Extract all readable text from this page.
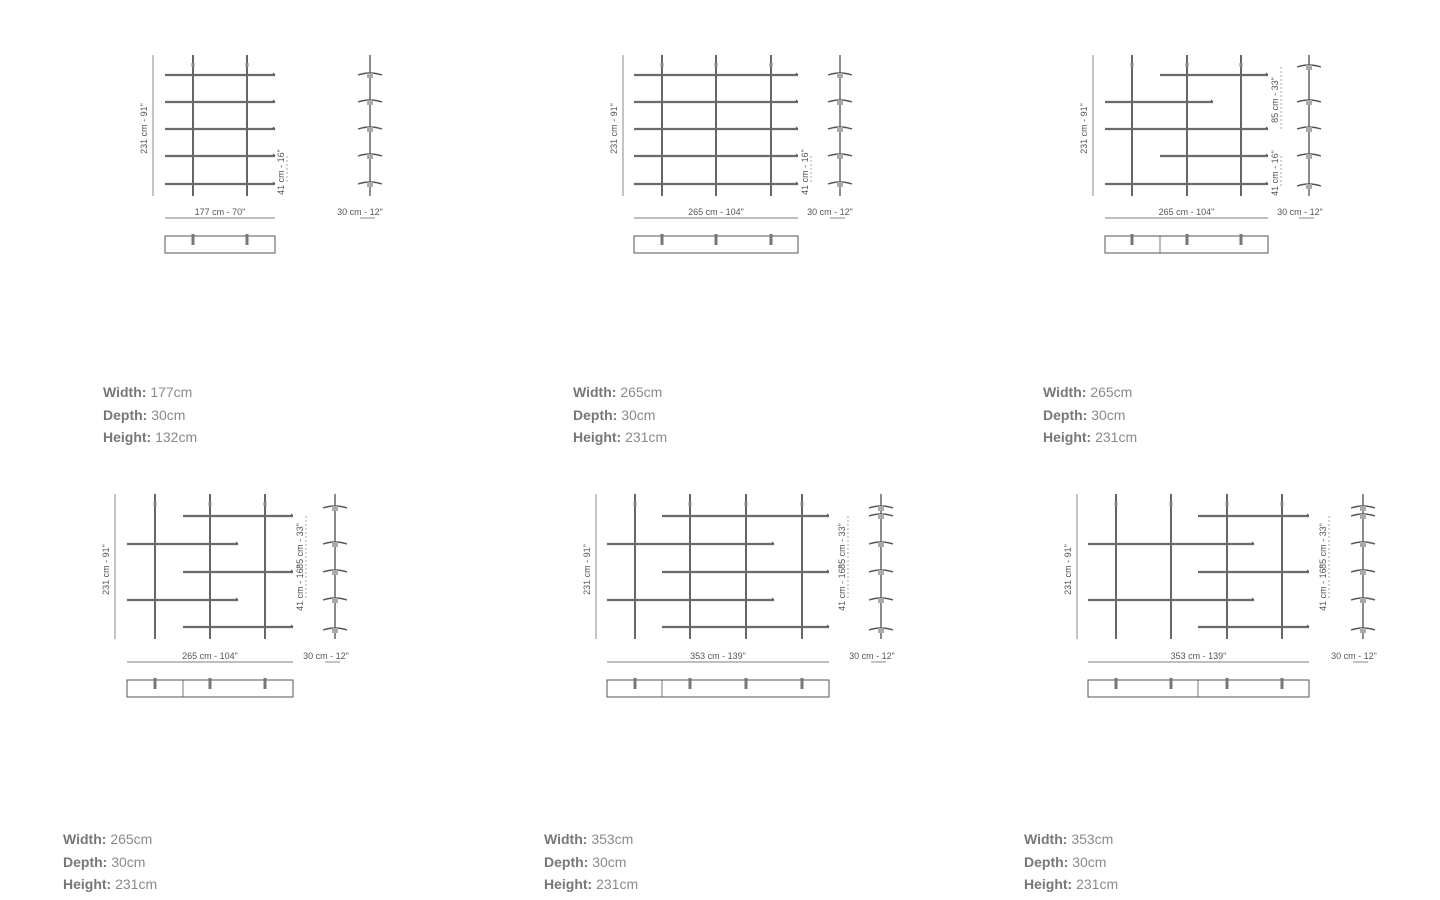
231 cm - 91"
177 cm - 70"
41 cm - 16"
30 cm - 12"
231 cm - 91"
265 cm - 104"
41 cm - 16"
30 cm - 12"
231 cm - 91"
265 cm - 104"
85 cm - 33"
41 cm - 16"
30 cm - 12"
231 cm - 91"
265 cm - 104"
85 cm - 33"
41 cm - 16"
30 cm - 12"
231 cm - 91"
353 cm - 139"
85 cm - 33"
41 cm - 16"
30 cm - 12"
231 cm - 91"
353 cm - 139"
85 cm - 33"
41 cm - 16"
30 cm - 12"
Width: 177cm
Depth: 30cm
Height: 132cm
Width: 265cm
Depth: 30cm
Height: 231cm
Width: 265cm
Depth: 30cm
Height: 231cm
Width: 265cm
Depth: 30cm
Height: 231cm
Width: 353cm
Depth: 30cm
Height: 231cm
Width: 353cm
Depth: 30cm
Height: 231cm
